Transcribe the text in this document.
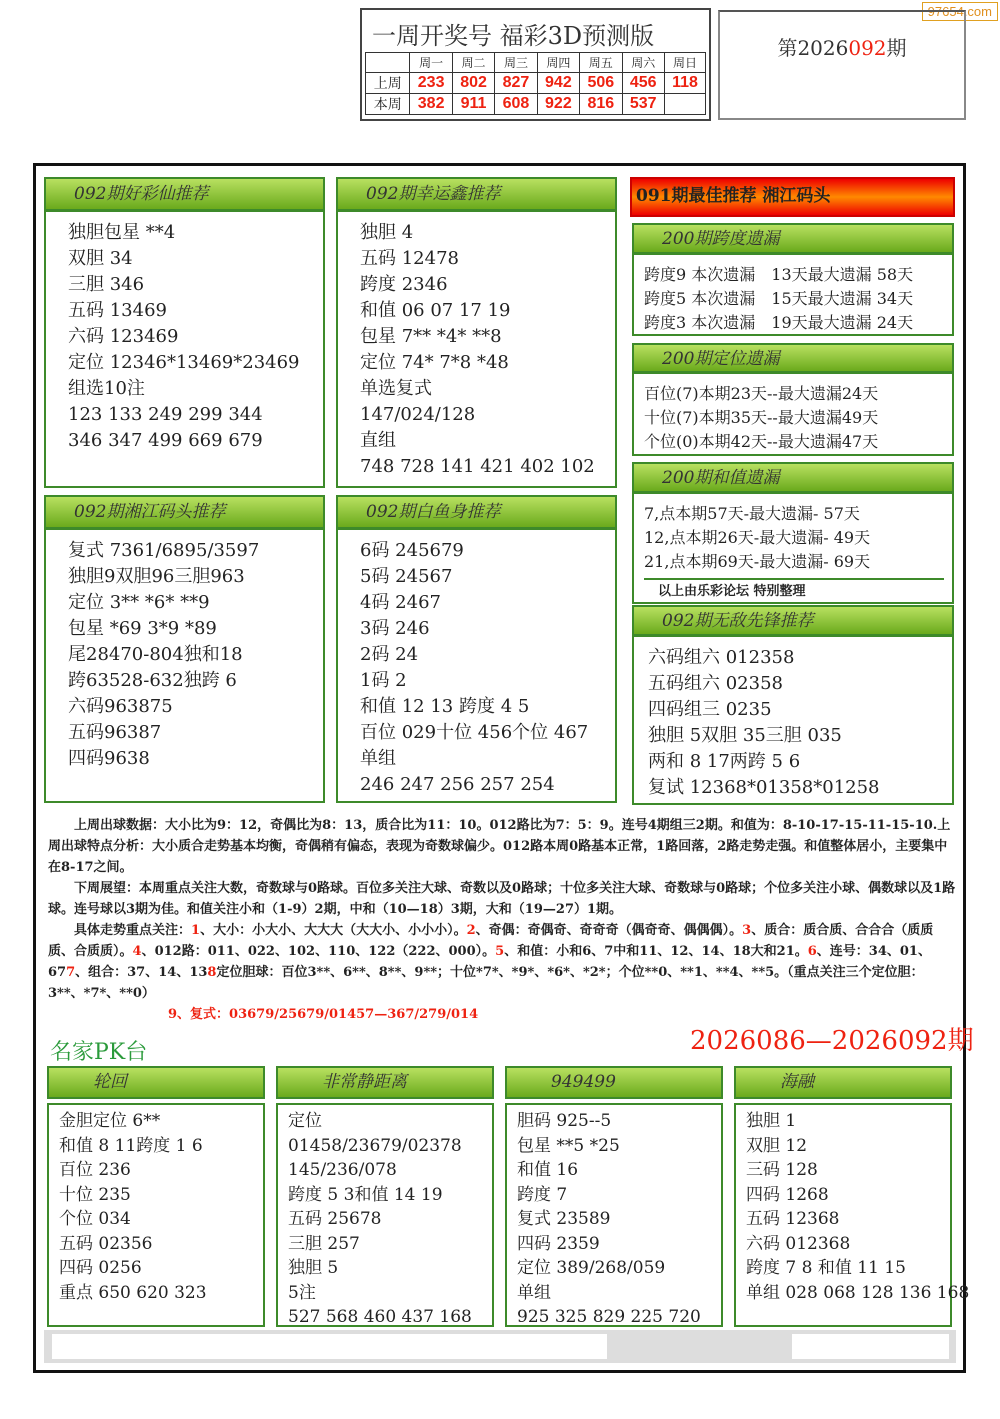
97654.com
一周开奖号 福彩3D预测版
	周一	周二	周三	周四	周五	周六	周日
上周	233	802	827	942	506	456	118
本周	382	911	608	922	816	537	
第2026092期
092期好彩仙推荐
独胆包星 **4
双胆 34
三胆 346
五码 13469
六码 123469
定位 12346*13469*23469
组选10注
123 133 249 299 344
346 347 499 669 679
092期幸运鑫推荐
独胆 4
五码 12478
跨度 2346
和值 06 07 17 19
包星 7** *4* **8
定位 74* 7*8 *48
单选复式
147/024/128
直组
748 728 141 421 402 102
092期湘江码头推荐
复式 7361/6895/3597
独胆9双胆96三胆963
定位 3** *6* **9
包星 *69 3*9 *89
尾28470-804独和18
跨63528-632独跨 6
六码963875
五码96387
四码9638
092期白鱼身推荐
6码 245679
5码 24567
4码 2467
3码 246
2码 24
1码 2
和值 12 13 跨度 4 5
百位 029十位 456个位 467
单组
246 247 256 257 254
091期最佳推荐 湘江码头
200期跨度遗漏
跨度9 本次遗漏　13天最大遗漏 58天
跨度5 本次遗漏　15天最大遗漏 34天
跨度3 本次遗漏　19天最大遗漏 24天
200期定位遗漏
百位(7)本期23天--最大遗漏24天
十位(7)本期35天--最大遗漏49天
个位(0)本期42天--最大遗漏47天
200期和值遗漏
7,点本期57天-最大遗漏- 57天
12,点本期26天-最大遗漏- 49天
21,点本期69天-最大遗漏- 69天
以上由乐彩论坛 特别整理
092期无敌先锋推荐
六码组六 012358
五码组六 02358
四码组三 0235
独胆 5双胆 35三胆 035
两和 8 17两跨 5 6
复试 12368*01358*01258

上周出球数据：大小比为9：12，奇偶比为8：13，质合比为11：10。012路比为7：5：9。连号4期组三2期。和值为：8-10-17-15-11-15-10.上周出球特点分析：大小质合走势基本均衡，奇偶稍有偏态，表现为奇数球偏少。012路本周0路基本正常，1路回落，2路走势走强。和值整体居小，主要集中在8-17之间。

下周展望：本周重点关注大数，奇数球与0路球。百位多关注大球、奇数以及0路球；十位多关注大球、奇数球与0路球；个位多关注小球、偶数球以及1路球。连号球以3期为佳。和值关注小和（1-9）2期，中和（10—18）3期，大和（19—27）1期。

具体走势重点关注：1、大小：小大小、大大大（大大小、小小小）。2、奇偶：奇偶奇、奇奇奇（偶奇奇、偶偶偶）。3、质合：质合质、合合合（质质质、合质质）。4、012路：011、022、102、110、122（222、000）。5、和值：小和6、7中和11、12、14、18大和21。6、连号：34、01、677、组合：37、14、138定位胆球：百位3**、6**、8**、9**；十位*7*、*9*、*6*、*2*；个位**0、**1、**4、**5。（重点关注三个定位胆：3**、*7*、**0）

9、复式：03679/25679/01457—367/279/014

2026086—2026092期
名家PK台
轮回
金胆定位 6**
和值 8 11跨度 1 6
百位 236
十位 235
个位 034
五码 02356
四码 0256
重点 650 620 323
非常静距离
定位
01458/23679/02378
145/236/078
跨度 5 3和值 14 19
五码 25678
三胆 257
独胆 5
5注
527 568 460 437 168
949499
胆码 925--5
包星 **5 *25
和值 16
跨度 7
复式 23589
四码 2359
定位 389/268/059
单组
925 325 829 225 720
海融
独胆 1
双胆 12
三码 128
四码 1268
五码 12368
六码 012368
跨度 7 8 和值 11 15
单组 028 068 128 136 168
